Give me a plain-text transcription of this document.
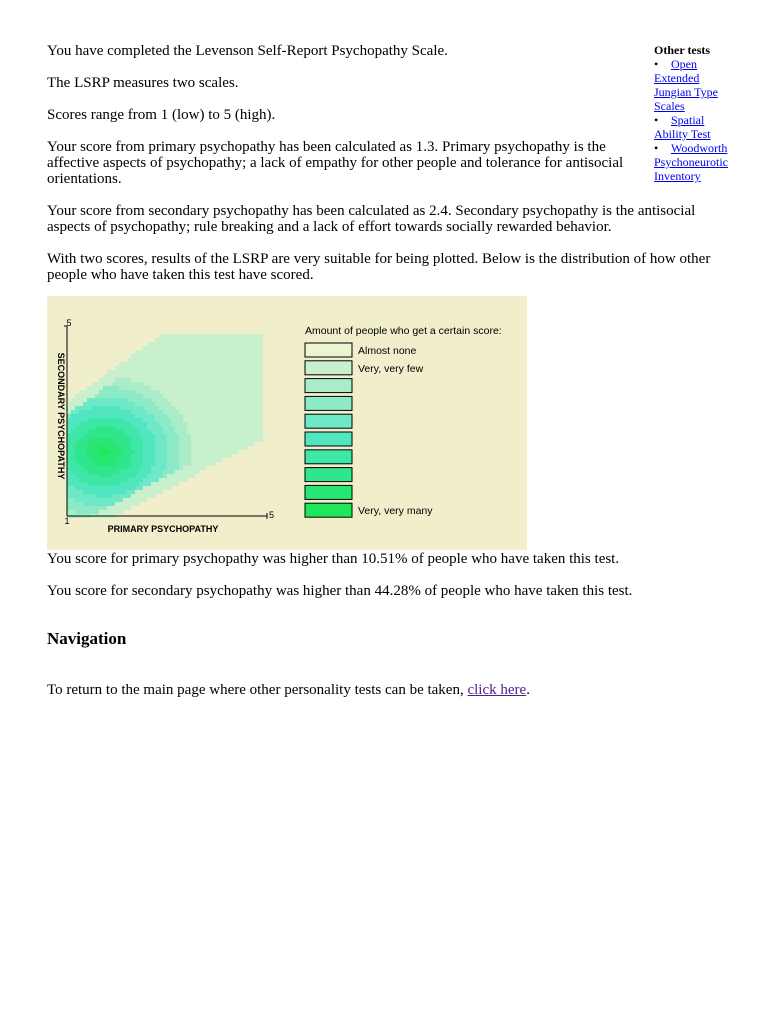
You have completed the Levenson Self-Report Psychopathy Scale.

The LSRP measures two scales.

Scores range from 1 (low) to 5 (high).

Your score from primary psychopathy has been calculated as 1.3. Primary psychopathy is the affective aspects of psychopathy; a lack of empathy for other people and tolerance for antisocial orientations.

Your score from secondary psychopathy has been calculated as 2.4. Secondary psychopathy is the antisocial aspects of psychopathy; rule breaking and a lack of effort towards socially rewarded behavior.

With two scores, results of the LSRP are very suitable for being plotted. Below is the distribution of how other people who have taken this test have scored.

Other tests
• Open Extended Jungian Type Scales
• Spatial Ability Test
• Woodworth Psychoneurotic Inventory
5
1
5
PRIMARY PSYCHOPATHY
SECONDARY PSYCHOPATHY
Amount of people who get a certain score:
Almost none
Very, very few
Very, very many

You score for primary psychopathy was higher than 10.51% of people who have taken this test.

You score for secondary psychopathy was higher than 44.28% of people who have taken this test.

Navigation

To return to the main page where other personality tests can be taken, click here.
